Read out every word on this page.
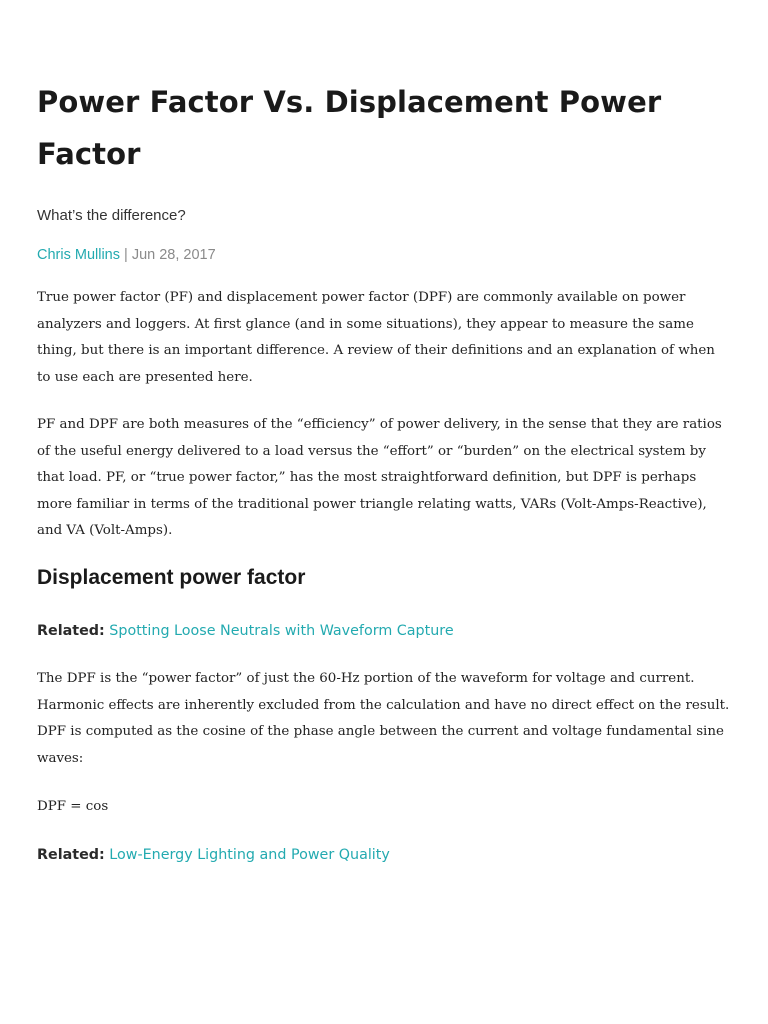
Power Factor Vs. Displacement Power Factor

What’s the difference?

Chris Mullins | Jun 28, 2017

True power factor (PF) and displacement power factor (DPF) are commonly available on power analyzers and loggers. At first glance (and in some situations), they appear to measure the same thing, but there is an important difference. A review of their definitions and an explanation of when to use each are presented here.

PF and DPF are both measures of the “efficiency” of power delivery, in the sense that they are ratios of the useful energy delivered to a load versus the “effort” or “burden” on the electrical system by that load. PF, or “true power factor,” has the most straightforward definition, but DPF is perhaps more familiar in terms of the traditional power triangle relating watts, VARs (Volt-Amps-Reactive), and VA (Volt-Amps).

Displacement power factor

Related: Spotting Loose Neutrals with Waveform Capture

The DPF is the “power factor” of just the 60-Hz portion of the waveform for voltage and current. Harmonic effects are inherently excluded from the calculation and have no direct effect on the result. DPF is computed as the cosine of the phase angle between the current and voltage fundamental sine waves:

DPF = cos

Related: Low-Energy Lighting and Power Quality
